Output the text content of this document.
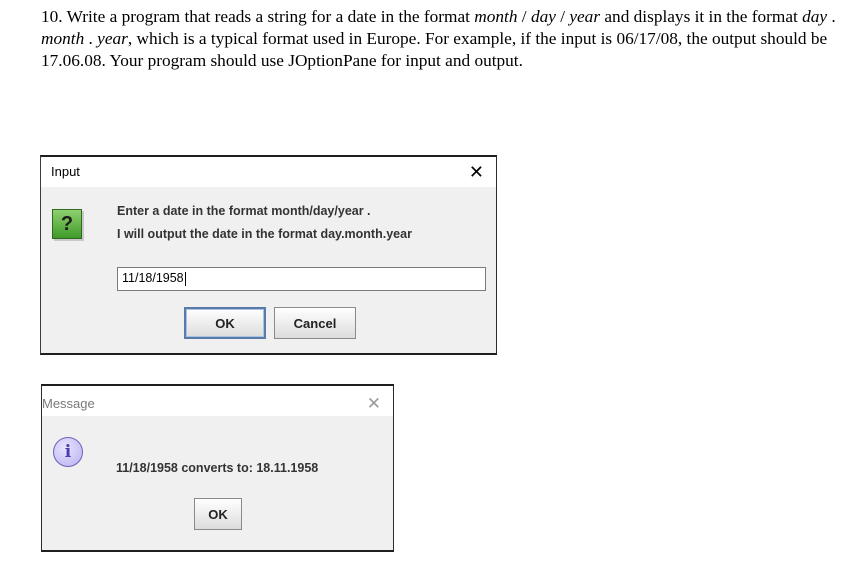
10. Write a program that reads a string for a date in the format month / day / year and displays it in the format day . month . year, which is a typical format used in Europe. For example, if the input is 06/17/08, the output should be 17.06.08. Your program should use JOptionPane for input and output.

Input	✕
?
Enter a date in the format month/day/year .
I will output the date in the format day.month.year
11/18/1958
OK	Cancel
Message	✕
i
11/18/1958 converts to: 18.11.1958
OK
